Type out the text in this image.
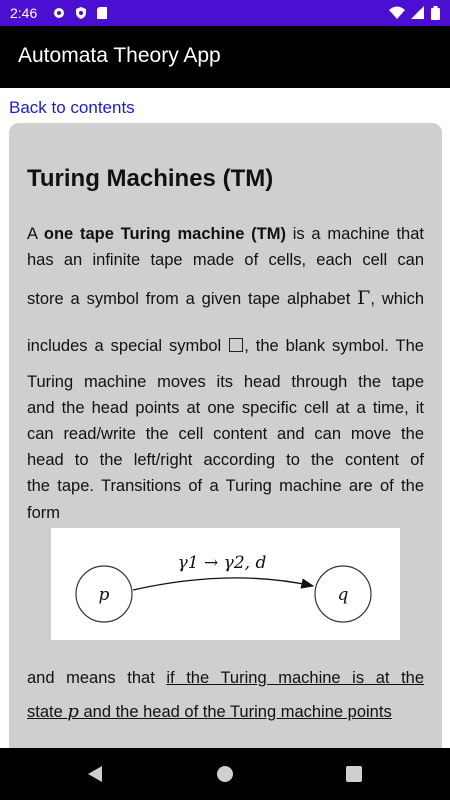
2:46
Automata Theory App
Back to contents
Turing Machines (TM)
A one tape Turing machine (TM) is a machine that
has an infinite tape made of cells, each cell can
store a symbol from a given tape alphabet Γ, which
includes a special symbol , the blank symbol. The
Turing machine moves its head through the tape
and the head points at one specific cell at a time, it
can read/write the cell content and can move the
head to the left/right according to the content of
the tape. Transitions of a Turing machine are of the
form
p	q
γ1 → γ2, d
and means that if the Turing machine is at the
state p and the head of the Turing machine points
